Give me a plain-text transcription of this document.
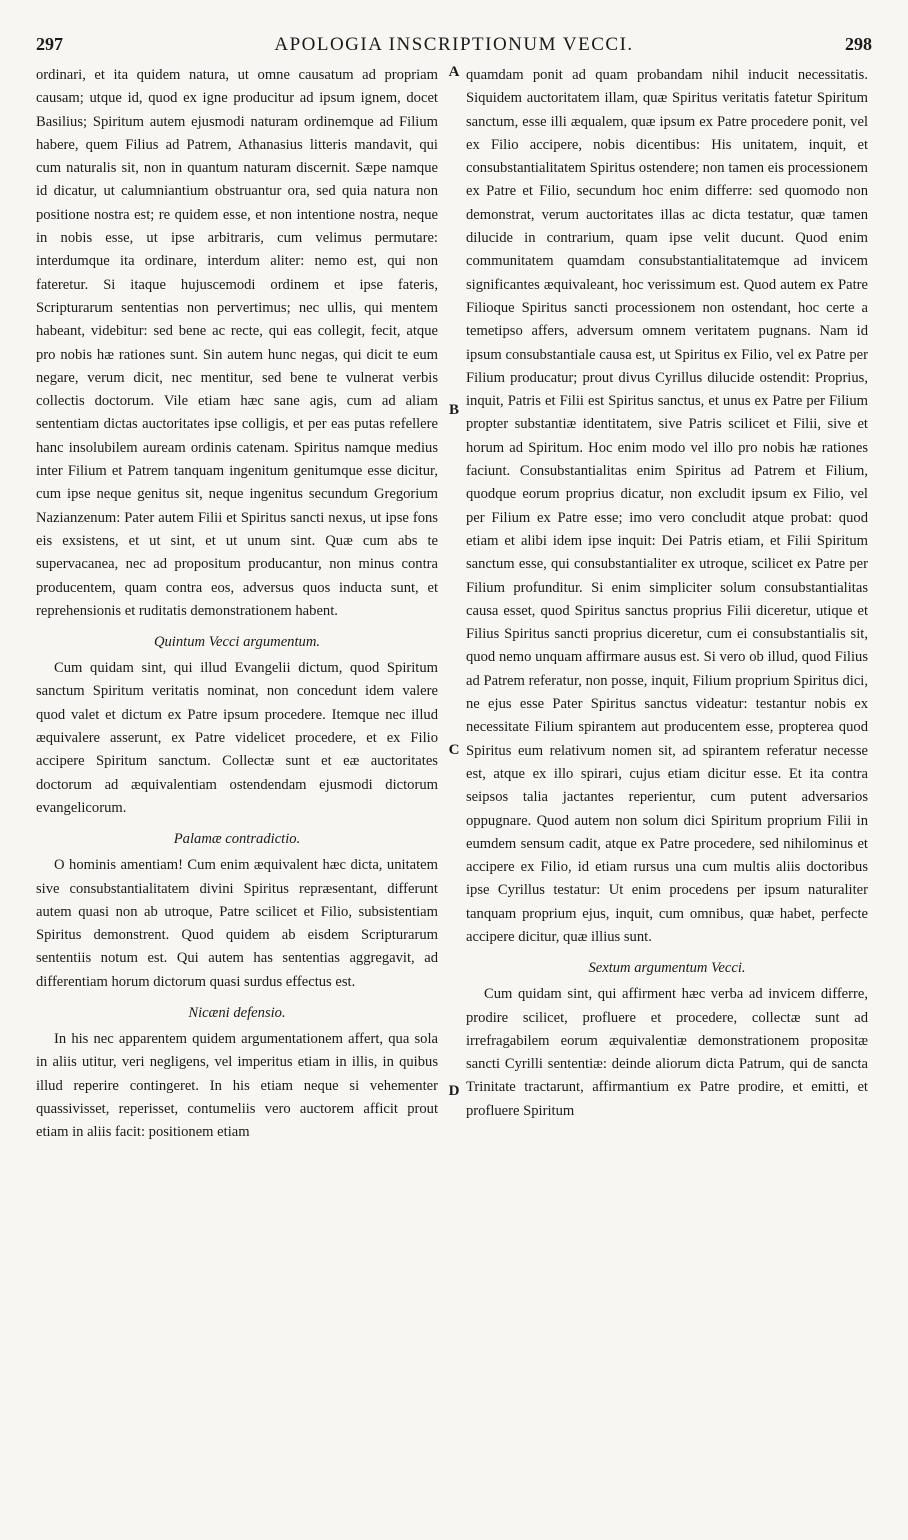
297	APOLOGIA INSCRIPTIONUM VECCI.	298

ordinari, et ita quidem natura, ut omne causatum ad propriam causam; utque id, quod ex igne producitur ad ipsum ignem, docet Basilius; Spiritum autem ejusmodi naturam ordinemque ad Filium habere, quem Filius ad Patrem, Athanasius litteris mandavit, qui cum naturalis sit, non in quantum naturam discernit. Sæpe namque id dicatur, ut calumniantium obstruantur ora, sed quia natura non positione nostra est; re quidem esse, et non intentione nostra, neque in nobis esse, ut ipse arbitraris, cum velimus permutare: interdumque ita ordinare, interdum aliter: nemo est, qui non fateretur. Si itaque hujuscemodi ordinem et ipse fateris, Scripturarum sententias non pervertimus; nec ullis, qui mentem habeant, videbitur: sed bene ac recte, qui eas collegit, fecit, atque pro nobis hæ rationes sunt. Sin autem hunc negas, qui dicit te eum negare, verum dicit, nec mentitur, sed bene te vulnerat verbis collectis doctorum. Vile etiam hæc sane agis, cum ad aliam sententiam dictas auctoritates ipse colligis, et per eas putas refellere hanc insolubilem auream ordinis catenam. Spiritus namque medius inter Filium et Patrem tanquam ingenitum genitumque esse dicitur, cum ipse neque genitus sit, neque ingenitus secundum Gregorium Nazianzenum: Pater autem Filii et Spiritus sancti nexus, ut ipse fons eis exsistens, et ut sint, et ut unum sint. Quæ cum abs te supervacanea, nec ad propositum producantur, non minus contra producentem, quam contra eos, adversus quos inducta sunt, et reprehensionis et ruditatis demonstrationem habent.

Quintum Vecci argumentum.

Cum quidam sint, qui illud Evangelii dictum, quod Spiritum sanctum Spiritum veritatis nominat, non concedunt idem valere quod valet et dictum ex Patre ipsum procedere. Itemque nec illud æquivalere asserunt, ex Patre videlicet procedere, et ex Filio accipere Spiritum sanctum. Collectæ sunt et eæ auctoritates doctorum ad æquivalentiam ostendendam ejusmodi dictorum evangelicorum.

Palamæ contradictio.

O hominis amentiam! Cum enim æquivalent hæc dicta, unitatem sive consubstantialitatem divini Spiritus repræsentant, differunt autem quasi non ab utroque, Patre scilicet et Filio, subsistentiam Spiritus demonstrent. Quod quidem ab eisdem Scripturarum sententiis notum est. Qui autem has sententias aggregavit, ad differentiam horum dictorum quasi surdus effectus est.

Nicæni defensio.

In his nec apparentem quidem argumentationem affert, qua sola in aliis utitur, veri negligens, vel imperitus etiam in illis, in quibus illud reperire contingeret. In his etiam neque si vehementer quassivisset, reperisset, contumeliis vero auctorem afficit prout etiam in aliis facit: positionem etiam

A
B
C
D

quamdam ponit ad quam probandam nihil inducit necessitatis. Siquidem auctoritatem illam, quæ Spiritus veritatis fatetur Spiritum sanctum, esse illi æqualem, quæ ipsum ex Patre procedere ponit, vel ex Filio accipere, nobis dicentibus: His unitatem, inquit, et consubstantialitatem Spiritus ostendere; non tamen eis processionem ex Patre et Filio, secundum hoc enim differre: sed quomodo non demonstrat, verum auctoritates illas ac dicta testatur, quæ tamen dilucide in contrarium, quam ipse velit ducunt. Quod enim communitatem quamdam consubstantialitatemque ad invicem significantes æquivaleant, hoc verissimum est. Quod autem ex Patre Filioque Spiritus sancti processionem non ostendant, hoc certe a temetipso affers, adversum omnem veritatem pugnans. Nam id ipsum consubstantiale causa est, ut Spiritus ex Filio, vel ex Patre per Filium producatur; prout divus Cyrillus dilucide ostendit: Proprius, inquit, Patris et Filii est Spiritus sanctus, et unus ex Patre per Filium propter substantiæ identitatem, sive Patris scilicet et Filii, sive et horum ad Spiritum. Hoc enim modo vel illo pro nobis hæ rationes faciunt. Consubstantialitas enim Spiritus ad Patrem et Filium, quodque eorum proprius dicatur, non excludit ipsum ex Filio, vel per Filium ex Patre esse; imo vero concludit atque probat: quod etiam et alibi idem ipse inquit: Dei Patris etiam, et Filii Spiritum sanctum esse, qui consubstantialiter ex utroque, scilicet ex Patre per Filium profunditur. Si enim simpliciter solum consubstantialitas causa esset, quod Spiritus sanctus proprius Filii diceretur, utique et Filius Spiritus sancti proprius diceretur, cum ei consubstantialis sit, quod nemo unquam affirmare ausus est. Si vero ob illud, quod Filius ad Patrem referatur, non posse, inquit, Filium proprium Spiritus dici, ne ejus esse Pater Spiritus sanctus videatur: testantur nobis ex necessitate Filium spirantem aut producentem esse, propterea quod Spiritus eum relativum nomen sit, ad spirantem referatur necesse est, atque ex illo spirari, cujus etiam dicitur esse. Et ita contra seipsos talia jactantes reperientur, cum putent adversarios oppugnare. Quod autem non solum dici Spiritum proprium Filii in eumdem sensum cadit, atque ex Patre procedere, sed nihilominus et accipere ex Filio, id etiam rursus una cum multis aliis doctoribus ipse Cyrillus testatur: Ut enim procedens per ipsum naturaliter tanquam proprium ejus, inquit, cum omnibus, quæ habet, perfecte accipere dicitur, quæ illius sunt.

Sextum argumentum Vecci.

Cum quidam sint, qui affirment hæc verba ad invicem differre, prodire scilicet, profluere et procedere, collectæ sunt ad irrefragabilem eorum æquivalentiæ demonstrationem propositæ sancti Cyrilli sententiæ: deinde aliorum dicta Patrum, qui de sancta Trinitate tractarunt, affirmantium ex Patre prodire, et emitti, et profluere Spiritum
